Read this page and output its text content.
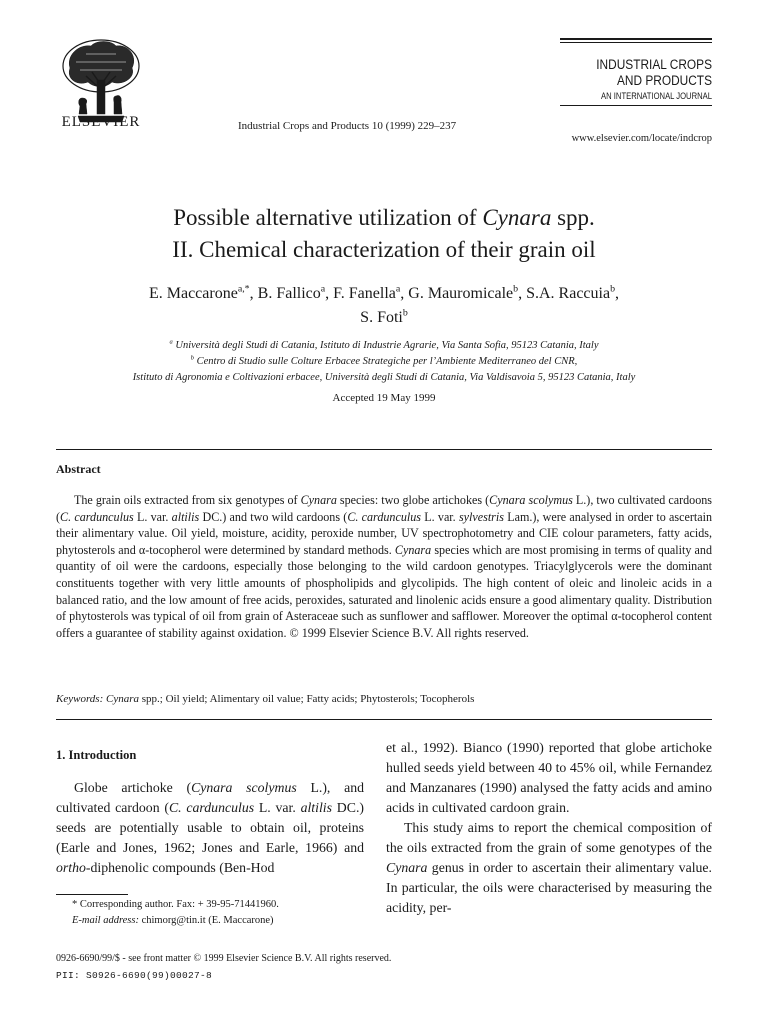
ELSEVIER	Industrial Crops and Products 10 (1999) 229–237
INDUSTRIAL CROPS
AND PRODUCTS
AN INTERNATIONAL JOURNAL
www.elsevier.com/locate/indcrop
Possible alternative utilization of Cynara spp.
II. Chemical characterization of their grain oil
E. Maccarone$^{a,*}$, B. Fallico$^a$, F. Fanella$^a$, G. Mauromicale$^b$, S.A. Raccuia$^b$,
S. Foti$^b$
$^a$ Università degli Studi di Catania, Istituto di Industrie Agrarie, Via Santa Sofia, 95123 Catania, Italy
$^b$ Centro di Studio sulle Colture Erbacee Strategiche per l’Ambiente Mediterraneo del CNR,
Istituto di Agronomia e Coltivazioni erbacee, Università degli Studi di Catania, Via Valdisavoia 5, 95123 Catania, Italy
Accepted 19 May 1999
Abstract
The grain oils extracted from six genotypes of Cynara species: two globe artichokes (Cynara scolymus L.), two cultivated cardoons (C. cardunculus L. var. altilis DC.) and two wild cardoons (C. cardunculus L. var. sylvestris Lam.), were analysed in order to ascertain their alimentary value. Oil yield, moisture, acidity, peroxide number, UV spectrophotometry and CIE colour parameters, fatty acids, phytosterols and α-tocopherol were determined by standard methods. Cynara species which are most promising in terms of quality and quantity of oil were the cardoons, especially those belonging to the wild cardoon genotypes. Triacylglycerols were the dominant constituents together with very little amounts of phospholipids and glycolipids. The high content of oleic and linoleic acids in a balanced ratio, and the low amount of free acids, peroxides, saturated and linolenic acids ensure a good alimentary quality. Distribution of phytosterols was typical of oil from grain of Asteraceae such as sunflower and safflower. Moreover the optimal α-tocopherol content offers a guarantee of stability against oxidation. © 1999 Elsevier Science B.V. All rights reserved.
Keywords: Cynara spp.; Oil yield; Alimentary oil value; Fatty acids; Phytosterols; Tocopherols
1. Introduction
Globe artichoke (Cynara scolymus L.), and cultivated cardoon (C. cardunculus L. var. altilis DC.) seeds are potentially usable to obtain oil, proteins (Earle and Jones, 1962; Jones and Earle, 1966) and ortho-diphenolic compounds (Ben-Hod
* Corresponding author. Fax: + 39-95-71441960.
E-mail address: chimorg@tin.it (E. Maccarone)
et al., 1992). Bianco (1990) reported that globe artichoke hulled seeds yield between 40 to 45% oil, while Fernandez and Manzanares (1990) analysed the fatty acids and amino acids in cultivated cardoon grain.
This study aims to report the chemical composition of the oils extracted from the grain of some genotypes of the Cynara genus in order to ascertain their alimentary value. In particular, the oils were characterised by measuring the acidity, per-
0926-6690/99/$ - see front matter © 1999 Elsevier Science B.V. All rights reserved.
PII: S0926-6690(99)00027-8
